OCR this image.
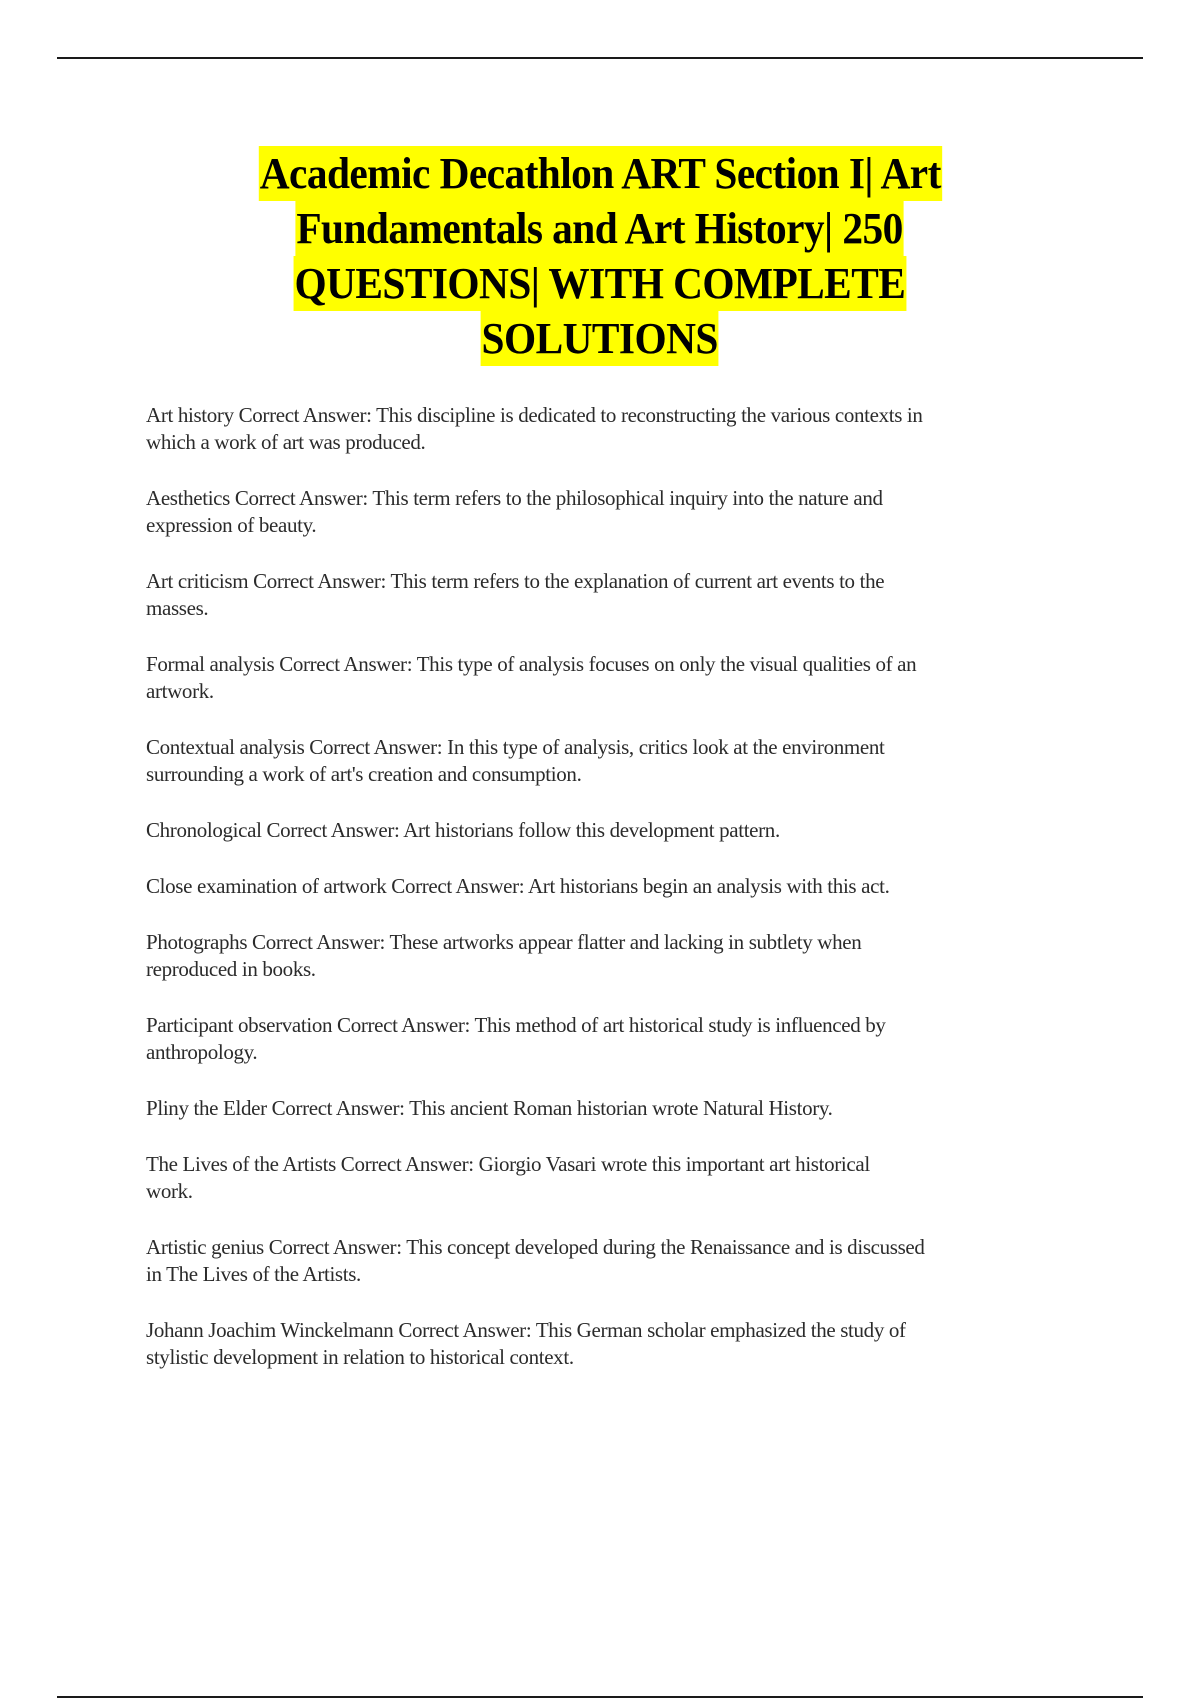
Academic Decathlon ART Section I| Art
Fundamentals and Art History| 250
QUESTIONS| WITH COMPLETE
SOLUTIONS
Art history Correct Answer: This discipline is dedicated to reconstructing the various contexts in
which a work of art was produced.
Aesthetics Correct Answer: This term refers to the philosophical inquiry into the nature and
expression of beauty.
Art criticism Correct Answer: This term refers to the explanation of current art events to the
masses.
Formal analysis Correct Answer: This type of analysis focuses on only the visual qualities of an
artwork.
Contextual analysis Correct Answer: In this type of analysis, critics look at the environment
surrounding a work of art's creation and consumption.
Chronological Correct Answer: Art historians follow this development pattern.
Close examination of artwork Correct Answer: Art historians begin an analysis with this act.
Photographs Correct Answer: These artworks appear flatter and lacking in subtlety when
reproduced in books.
Participant observation Correct Answer: This method of art historical study is influenced by
anthropology.
Pliny the Elder Correct Answer: This ancient Roman historian wrote Natural History.
The Lives of the Artists Correct Answer: Giorgio Vasari wrote this important art historical
work.
Artistic genius Correct Answer: This concept developed during the Renaissance and is discussed
in The Lives of the Artists.
Johann Joachim Winckelmann Correct Answer: This German scholar emphasized the study of
stylistic development in relation to historical context.
